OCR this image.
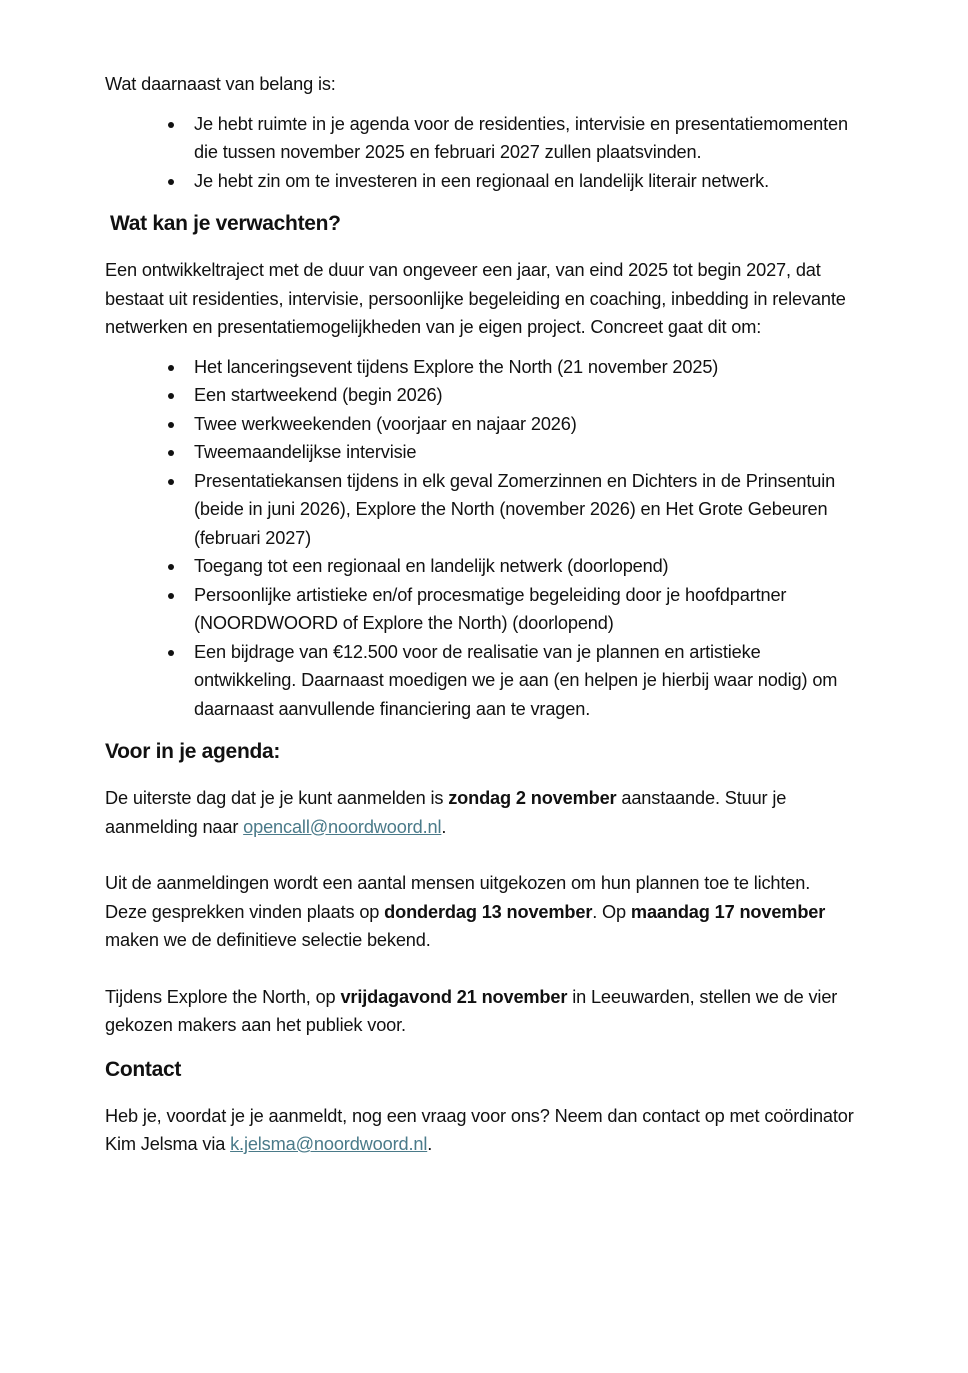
Wat daarnaast van belang is:

Je hebt ruimte in je agenda voor de residenties, intervisie en presentatiemomenten die tussen november 2025 en februari 2027 zullen plaatsvinden.
Je hebt zin om te investeren in een regionaal en landelijk literair netwerk.
Wat kan je verwachten?

Een ontwikkeltraject met de duur van ongeveer een jaar, van eind 2025 tot begin 2027, dat bestaat uit residenties, intervisie, persoonlijke begeleiding en coaching, inbedding in relevante netwerken en presentatiemogelijkheden van je eigen project. Concreet gaat dit om:

Het lanceringsevent tijdens Explore the North (21 november 2025)
Een startweekend (begin 2026)
Twee werkweekenden (voorjaar en najaar 2026)
Tweemaandelijkse intervisie
Presentatiekansen tijdens in elk geval Zomerzinnen en Dichters in de Prinsentuin (beide in juni 2026), Explore the North (november 2026) en Het Grote Gebeuren (februari 2027)
Toegang tot een regionaal en landelijk netwerk (doorlopend)
Persoonlijke artistieke en/of procesmatige begeleiding door je hoofdpartner (NOORDWOORD of Explore the North) (doorlopend)
Een bijdrage van €12.500 voor de realisatie van je plannen en artistieke ontwikkeling. Daarnaast moedigen we je aan (en helpen je hierbij waar nodig) om daarnaast aanvullende financiering aan te vragen.
Voor in je agenda:

De uiterste dag dat je je kunt aanmelden is zondag 2 november aanstaande. Stuur je aanmelding naar opencall@noordwoord.nl.

Uit de aanmeldingen wordt een aantal mensen uitgekozen om hun plannen toe te lichten. Deze gesprekken vinden plaats op donderdag 13 november. Op maandag 17 november maken we de definitieve selectie bekend.

Tijdens Explore the North, op vrijdagavond 21 november in Leeuwarden, stellen we de vier gekozen makers aan het publiek voor.

Contact

Heb je, voordat je je aanmeldt, nog een vraag voor ons? Neem dan contact op met coördinator Kim Jelsma via k.jelsma@noordwoord.nl.
